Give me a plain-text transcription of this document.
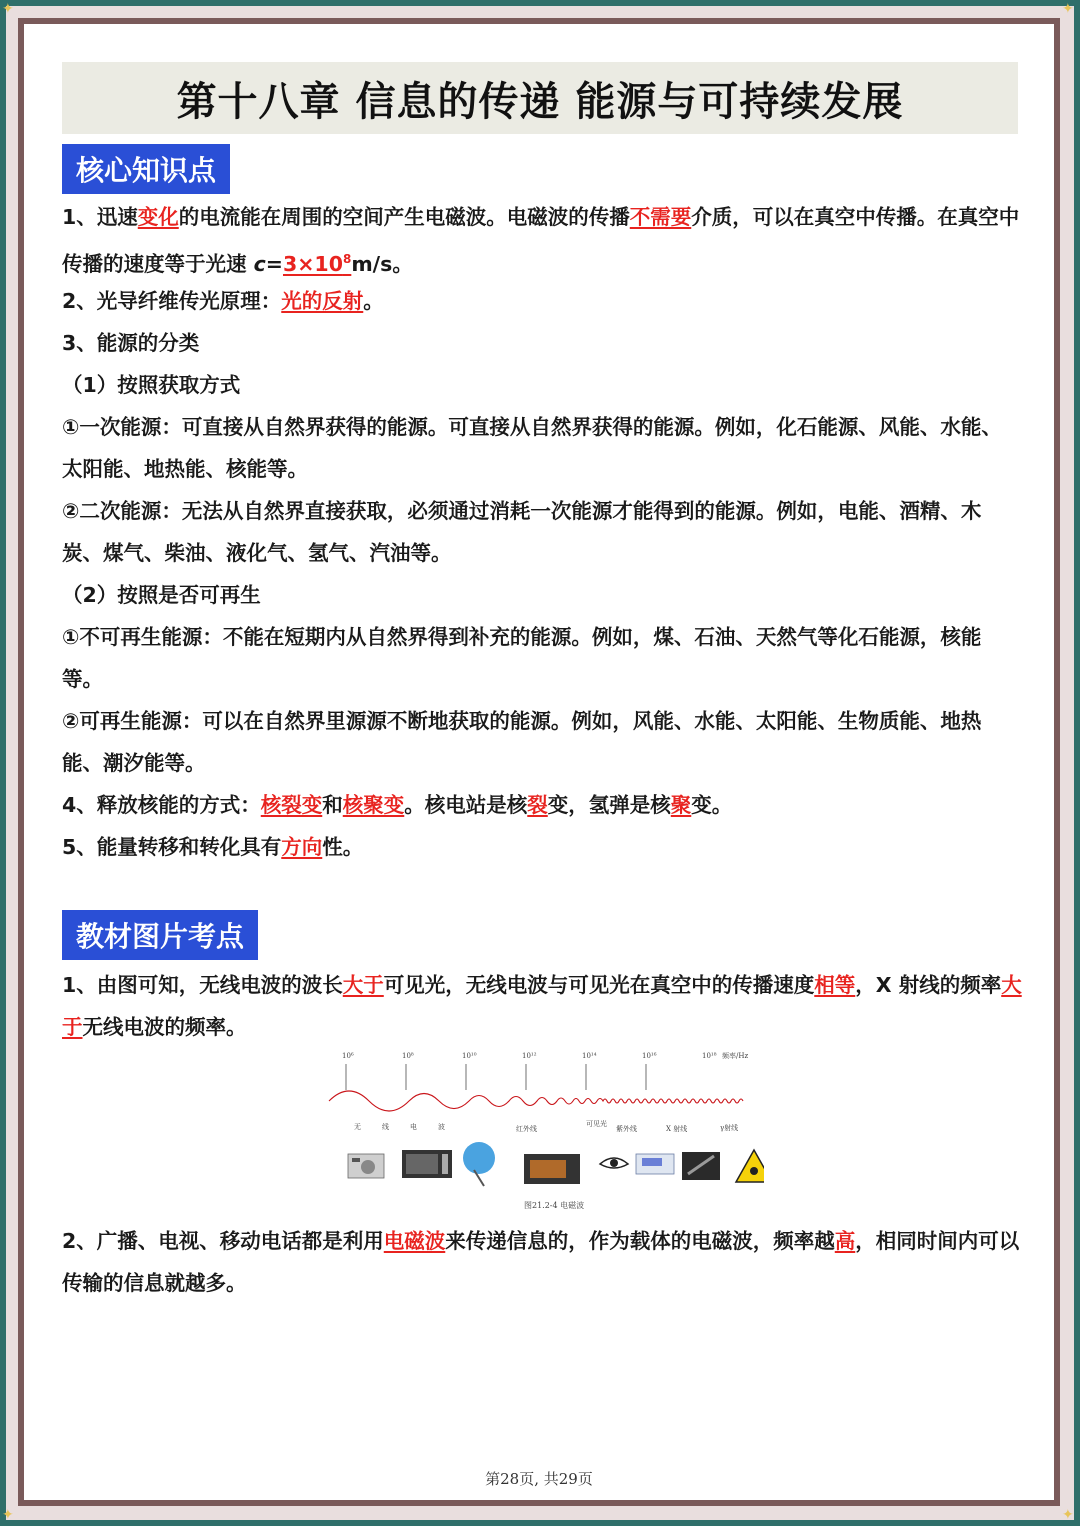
✦	✦
✦	✦
第十八章 信息的传递 能源与可持续发展
核心知识点
1、迅速变化的电流能在周围的空间产生电磁波。电磁波的传播不需要介质，可以在真空中传播。在真空中传播的速度等于光速 $c=3\times 10^8m/s$。
2、光导纤维传光原理：光的反射。
3、能源的分类
（1）按照获取方式
①一次能源：可直接从自然界获得的能源。可直接从自然界获得的能源。例如，化石能源、风能、水能、太阳能、地热能、核能等。
②二次能源：无法从自然界直接获取，必须通过消耗一次能源才能得到的能源。例如，电能、酒精、木炭、煤气、柴油、液化气、氢气、汽油等。
（2）按照是否可再生
①不可再生能源：不能在短期内从自然界得到补充的能源。例如，煤、石油、天然气等化石能源，核能等。
②可再生能源：可以在自然界里源源不断地获取的能源。例如，风能、水能、太阳能、生物质能、地热能、潮汐能等。
4、释放核能的方式：核裂变和核聚变。核电站是核裂变，氢弹是核聚变。
5、能量转移和转化具有方向性。
教材图片考点
1、由图可知，无线电波的波长大于可见光，无线电波与可见光在真空中的传播速度相等，X 射线的频率大于无线电波的频率。
10⁶	10⁸	10¹⁰	10¹²	10¹⁴	10¹⁶	10¹⁸ 频率/Hz
无	线	电	波	红外线
可见光
紫外线	X 射线	γ射线
图21.2-4 电磁波
2、广播、电视、移动电话都是利用电磁波来传递信息的，作为载体的电磁波，频率越高，相同时间内可以传输的信息就越多。
第28页, 共29页
